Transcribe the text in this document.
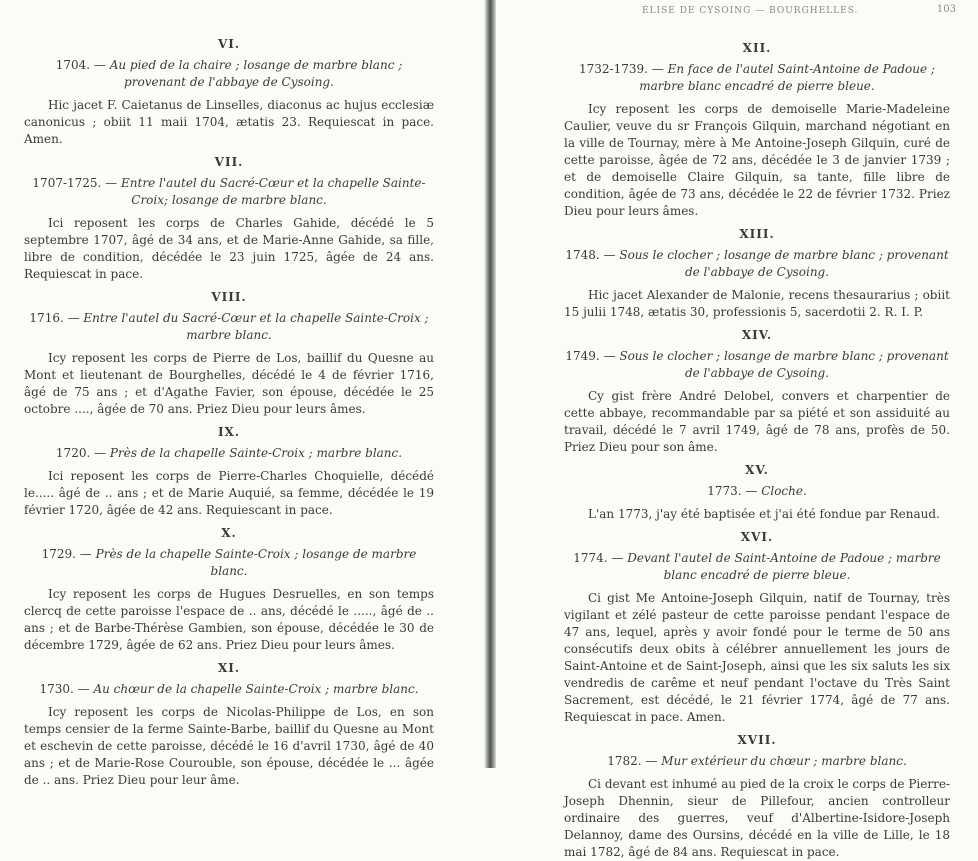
VI.
1704. — Au pied de la chaire ; losange de marbre blanc ; provenant de l'abbaye de Cysoing.
Hic jacet F. Caietanus de Linselles, diaconus ac hujus ecclesiæ canonicus ; obiit 11 maii 1704, ætatis 23. Requiescat in pace. Amen.
VII.
1707-1725. — Entre l'autel du Sacré-Cœur et la chapelle Sainte-Croix; losange de marbre blanc.
Ici reposent les corps de Charles Gahide, décédé le 5 septembre 1707, âgé de 34 ans, et de Marie-Anne Gahide, sa fille, libre de condition, décédée le 23 juin 1725, âgée de 24 ans. Requiescat in pace.
VIII.
1716. — Entre l'autel du Sacré-Cœur et la chapelle Sainte-Croix ; marbre blanc.
Icy reposent les corps de Pierre de Los, baillif du Quesne au Mont et lieutenant de Bourghelles, décédé le 4 de février 1716, âgé de 75 ans ; et d'Agathe Favier, son épouse, décédée le 25 octobre ...., âgée de 70 ans. Priez Dieu pour leurs âmes.
IX.
1720. — Près de la chapelle Sainte-Croix ; marbre blanc.
Ici reposent les corps de Pierre-Charles Choquielle, décédé le..... âgé de .. ans ; et de Marie Auquié, sa femme, décédée le 19 février 1720, âgée de 42 ans. Requiescant in pace.
X.
1729. — Près de la chapelle Sainte-Croix ; losange de marbre blanc.
Icy reposent les corps de Hugues Desruelles, en son temps clercq de cette paroisse l'espace de .. ans, décédé le ....., âgé de .. ans ; et de Barbe-Thérèse Gambien, son épouse, décédée le 30 de décembre 1729, âgée de 62 ans. Priez Dieu pour leurs âmes.
XI.
1730. — Au chœur de la chapelle Sainte-Croix ; marbre blanc.
Icy reposent les corps de Nicolas-Philippe de Los, en son temps censier de la ferme Sainte-Barbe, baillif du Quesne au Mont et eschevin de cette paroisse, décédé le 16 d'avril 1730, âgé de 40 ans ; et de Marie-Rose Courouble, son épouse, décédée le ... âgée de .. ans. Priez Dieu pour leur âme.
ÉLISE DE CYSOING — BOURGHELLES.	103
XII.
1732-1739. — En face de l'autel Saint-Antoine de Padoue ; marbre blanc encadré de pierre bleue.
Icy reposent les corps de demoiselle Marie-Madeleine Caulier, veuve du sr François Gilquin, marchand négotiant en la ville de Tournay, mère à Me Antoine-Joseph Gilquin, curé de cette paroisse, âgée de 72 ans, décédée le 3 de janvier 1739 ; et de demoiselle Claire Gilquin, sa tante, fille libre de condition, âgée de 73 ans, décédée le 22 de février 1732. Priez Dieu pour leurs âmes.
XIII.
1748. — Sous le clocher ; losange de marbre blanc ; provenant de l'abbaye de Cysoing.
Hic jacet Alexander de Malonie, recens thesaurarius ; obiit 15 julii 1748, ætatis 30, professionis 5, sacerdotii 2. R. I. P.
XIV.
1749. — Sous le clocher ; losange de marbre blanc ; provenant de l'abbaye de Cysoing.
Cy gist frère André Delobel, convers et charpentier de cette abbaye, recommandable par sa piété et son assiduité au travail, décédé le 7 avril 1749, âgé de 78 ans, profès de 50. Priez Dieu pour son âme.
XV.
1773. — Cloche.
L'an 1773, j'ay été baptisée et j'ai été fondue par Renaud.
XVI.
1774. — Devant l'autel de Saint-Antoine de Padoue ; marbre blanc encadré de pierre bleue.
Ci gist Me Antoine-Joseph Gilquin, natif de Tournay, très vigilant et zélé pasteur de cette paroisse pendant l'espace de 47 ans, lequel, après y avoir fondé pour le terme de 50 ans consécutifs deux obits à célébrer annuellement les jours de Saint-Antoine et de Saint-Joseph, ainsi que les six saluts les six vendredis de carême et neuf pendant l'octave du Très Saint Sacrement, est décédé, le 21 février 1774, âgé de 77 ans. Requiescat in pace. Amen.
XVII.
1782. — Mur extérieur du chœur ; marbre blanc.
Ci devant est inhumé au pied de la croix le corps de Pierre-Joseph Dhennin, sieur de Pillefour, ancien controlleur ordinaire des guerres, veuf d'Albertine-Isidore-Joseph Delannoy, dame des Oursins, décédé en la ville de Lille, le 18 mai 1782, âgé de 84 ans. Requiescat in pace.
